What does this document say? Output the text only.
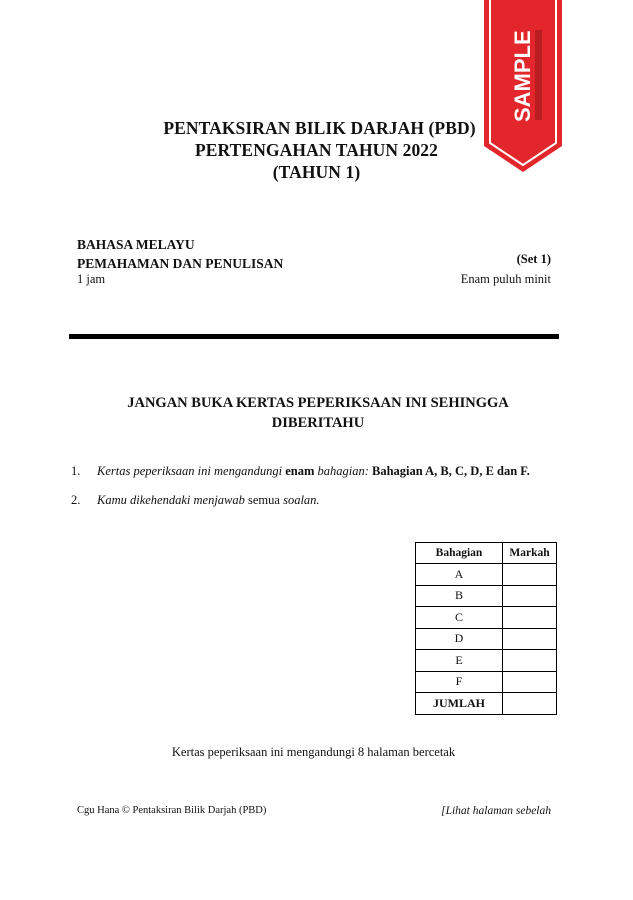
SAMPLE
PENTAKSIRAN BILIK DARJAH (PBD)
PERTENGAHAN TAHUN 2022
(TAHUN 1)
BAHASA MELAYU
PEMAHAMAN DAN PENULISAN
1 jam
(Set 1)
Enam puluh minit
JANGAN BUKA KERTAS PEPERIKSAAN INI SEHINGGA DIBERITAHU
1. Kertas peperiksaan ini mengandungi enam bahagian: Bahagian A, B, C, D, E dan F.
2. Kamu dikehendaki menjawab semua soalan.
Bahagian	Markah
A	
B	
C	
D	
E	
F	
JUMLAH	
Kertas peperiksaan ini mengandungi 8 halaman bercetak
Cgu Hana © Pentaksiran Bilik Darjah (PBD)	[Lihat halaman sebelah
